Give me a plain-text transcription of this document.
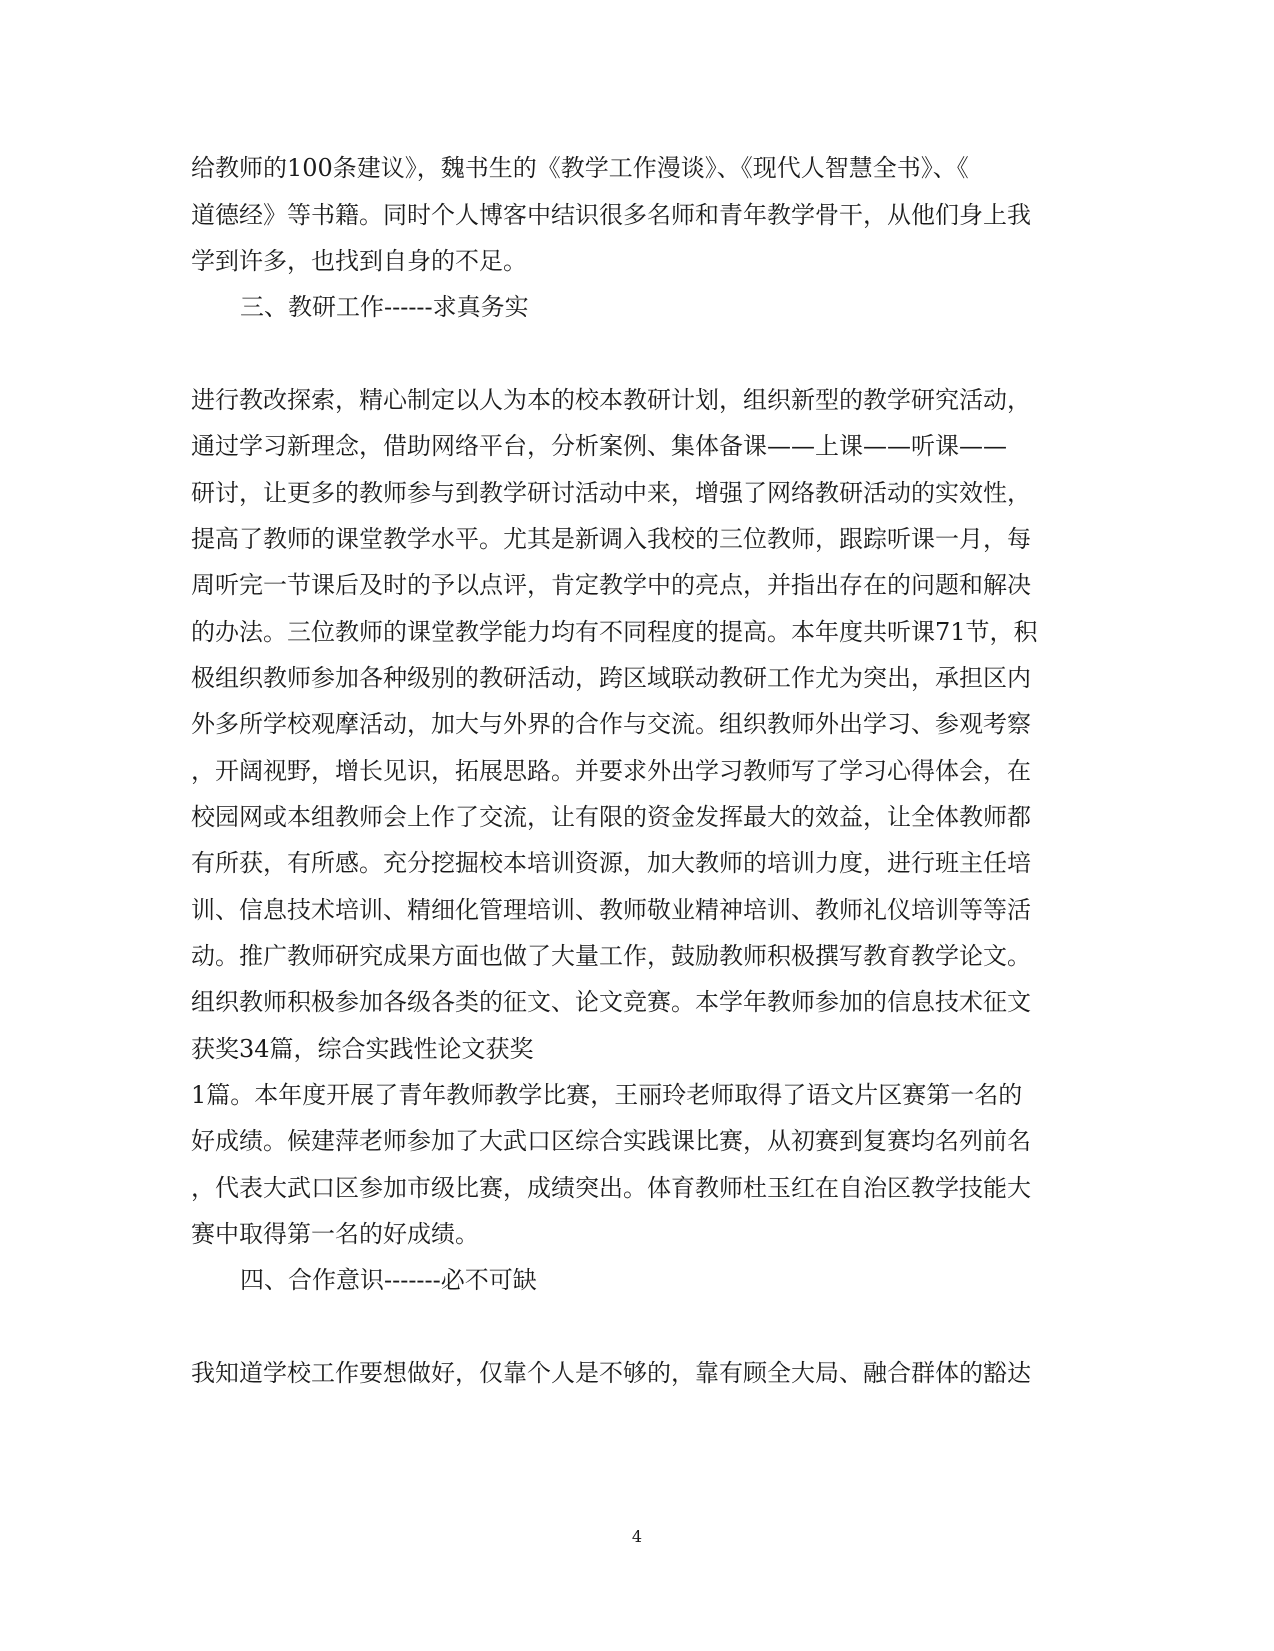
给教师的100条建议》，魏书生的《教学工作漫谈》、《现代人智慧全书》、《
道德经》等书籍。同时个人博客中结识很多名师和青年教学骨干，从他们身上我
学到许多，也找到自身的不足。
三、教研工作------求真务实
进行教改探索，精心制定以人为本的校本教研计划，组织新型的教学研究活动，
通过学习新理念，借助网络平台，分析案例、集体备课——上课——听课——
研讨，让更多的教师参与到教学研讨活动中来，增强了网络教研活动的实效性，
提高了教师的课堂教学水平。尤其是新调入我校的三位教师，跟踪听课一月，每
周听完一节课后及时的予以点评，肯定教学中的亮点，并指出存在的问题和解决
的办法。三位教师的课堂教学能力均有不同程度的提高。本年度共听课71节，积
极组织教师参加各种级别的教研活动，跨区域联动教研工作尤为突出，承担区内
外多所学校观摩活动，加大与外界的合作与交流。组织教师外出学习、参观考察
，开阔视野，增长见识，拓展思路。并要求外出学习教师写了学习心得体会，在
校园网或本组教师会上作了交流，让有限的资金发挥最大的效益，让全体教师都
有所获，有所感。充分挖掘校本培训资源，加大教师的培训力度，进行班主任培
训、信息技术培训、精细化管理培训、教师敬业精神培训、教师礼仪培训等等活
动。推广教师研究成果方面也做了大量工作，鼓励教师积极撰写教育教学论文。
组织教师积极参加各级各类的征文、论文竞赛。本学年教师参加的信息技术征文
获奖34篇，综合实践性论文获奖
1篇。本年度开展了青年教师教学比赛，王丽玲老师取得了语文片区赛第一名的
好成绩。候建萍老师参加了大武口区综合实践课比赛，从初赛到复赛均名列前名
，代表大武口区参加市级比赛，成绩突出。体育教师杜玉红在自治区教学技能大
赛中取得第一名的好成绩。
四、合作意识-------必不可缺
我知道学校工作要想做好，仅靠个人是不够的，靠有顾全大局、融合群体的豁达
4
